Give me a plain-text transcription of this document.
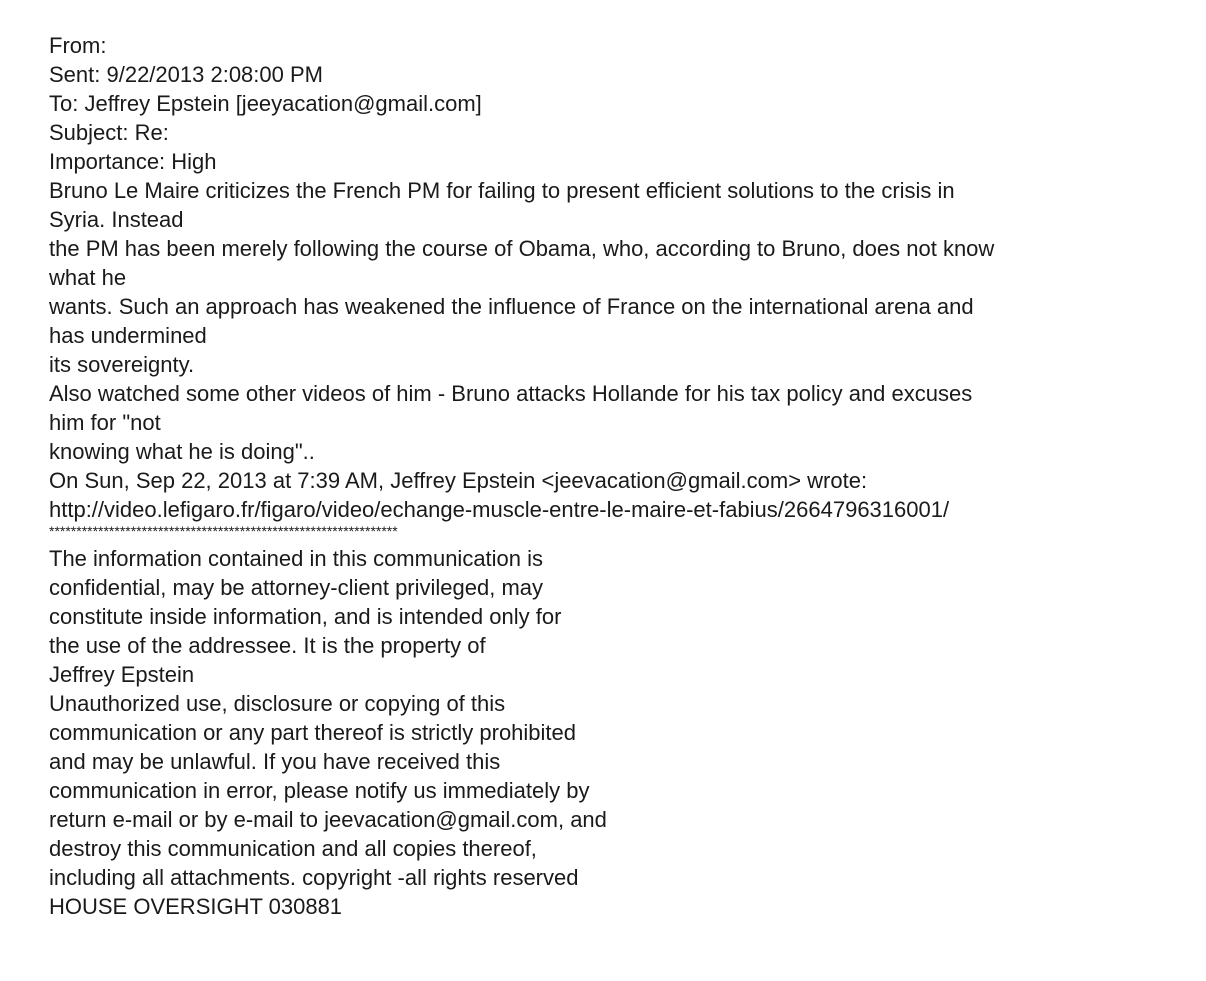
From:
Sent: 9/22/2013 2:08:00 PM
To: Jeffrey Epstein [jeeyacation@gmail.com]
Subject: Re:
Importance: High
Bruno Le Maire criticizes the French PM for failing to present efficient solutions to the crisis in
Syria. Instead
the PM has been merely following the course of Obama, who, according to Bruno, does not know
what he
wants. Such an approach has weakened the influence of France on the international arena and
has undermined
its sovereignty.
Also watched some other videos of him - Bruno attacks Hollande for his tax policy and excuses
him for "not
knowing what he is doing"..
On Sun, Sep 22, 2013 at 7:39 AM, Jeffrey Epstein <jeevacation@gmail.com> wrote:
http://video.lefigaro.fr/figaro/video/echange-muscle-entre-le-maire-et-fabius/2664796316001/
****************************************************************
The information contained in this communication is
confidential, may be attorney-client privileged, may
constitute inside information, and is intended only for
the use of the addressee. It is the property of
Jeffrey Epstein
Unauthorized use, disclosure or copying of this
communication or any part thereof is strictly prohibited
and may be unlawful. If you have received this
communication in error, please notify us immediately by
return e-mail or by e-mail to jeevacation@gmail.com, and
destroy this communication and all copies thereof,
including all attachments. copyright -all rights reserved
HOUSE OVERSIGHT 030881
